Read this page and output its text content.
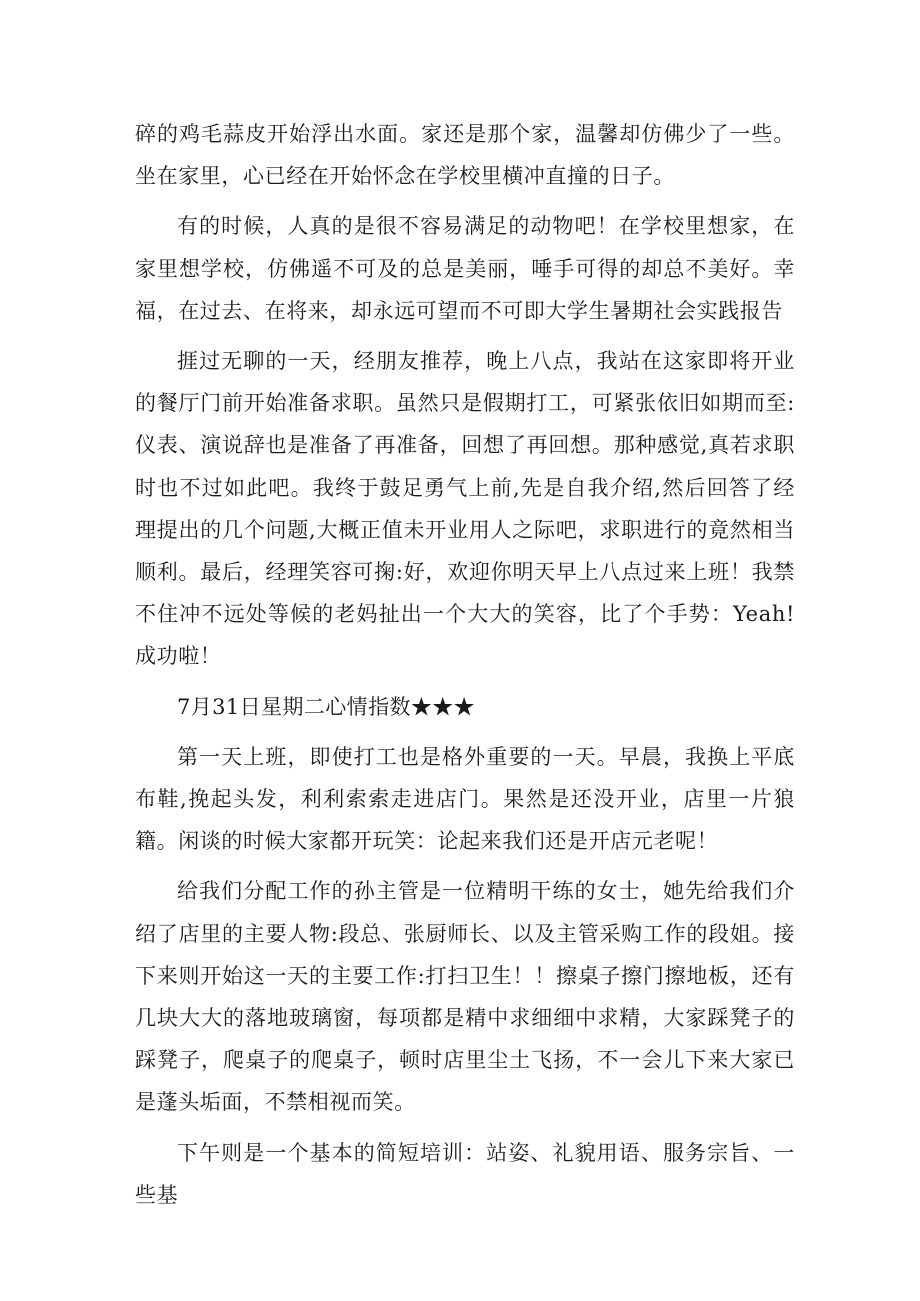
碎的鸡毛蒜皮开始浮出水面。家还是那个家，温馨却仿佛少了一些。坐在家里，心已经在开始怀念在学校里横冲直撞的日子。

有的时候，人真的是很不容易满足的动物吧！在学校里想家，在家里想学校，仿佛遥不可及的总是美丽，唾手可得的却总不美好。幸福，在过去、在将来，却永远可望而不可即大学生暑期社会实践报告

捱过无聊的一天，经朋友推荐，晚上八点，我站在这家即将开业的餐厅门前开始准备求职。虽然只是假期打工，可紧张依旧如期而至:仪表、演说辞也是准备了再准备，回想了再回想。那种感觉,真若求职时也不过如此吧。我终于鼓足勇气上前,先是自我介绍,然后回答了经理提出的几个问题,大概正值未开业用人之际吧，求职进行的竟然相当顺利。最后，经理笑容可掬:好，欢迎你明天早上八点过来上班！我禁不住冲不远处等候的老妈扯出一个大大的笑容，比了个手势：Yeah!成功啦！

7月31日星期二心情指数★★★

第一天上班，即使打工也是格外重要的一天。早晨，我换上平底布鞋,挽起头发，利利索索走进店门。果然是还没开业，店里一片狼籍。闲谈的时候大家都开玩笑：论起来我们还是开店元老呢！

给我们分配工作的孙主管是一位精明干练的女士，她先给我们介绍了店里的主要人物:段总、张厨师长、以及主管采购工作的段姐。接下来则开始这一天的主要工作:打扫卫生！！擦桌子擦门擦地板，还有几块大大的落地玻璃窗，每项都是精中求细细中求精，大家踩凳子的踩凳子，爬桌子的爬桌子，顿时店里尘土飞扬，不一会儿下来大家已是蓬头垢面，不禁相视而笑。

下午则是一个基本的简短培训：站姿、礼貌用语、服务宗旨、一些基
